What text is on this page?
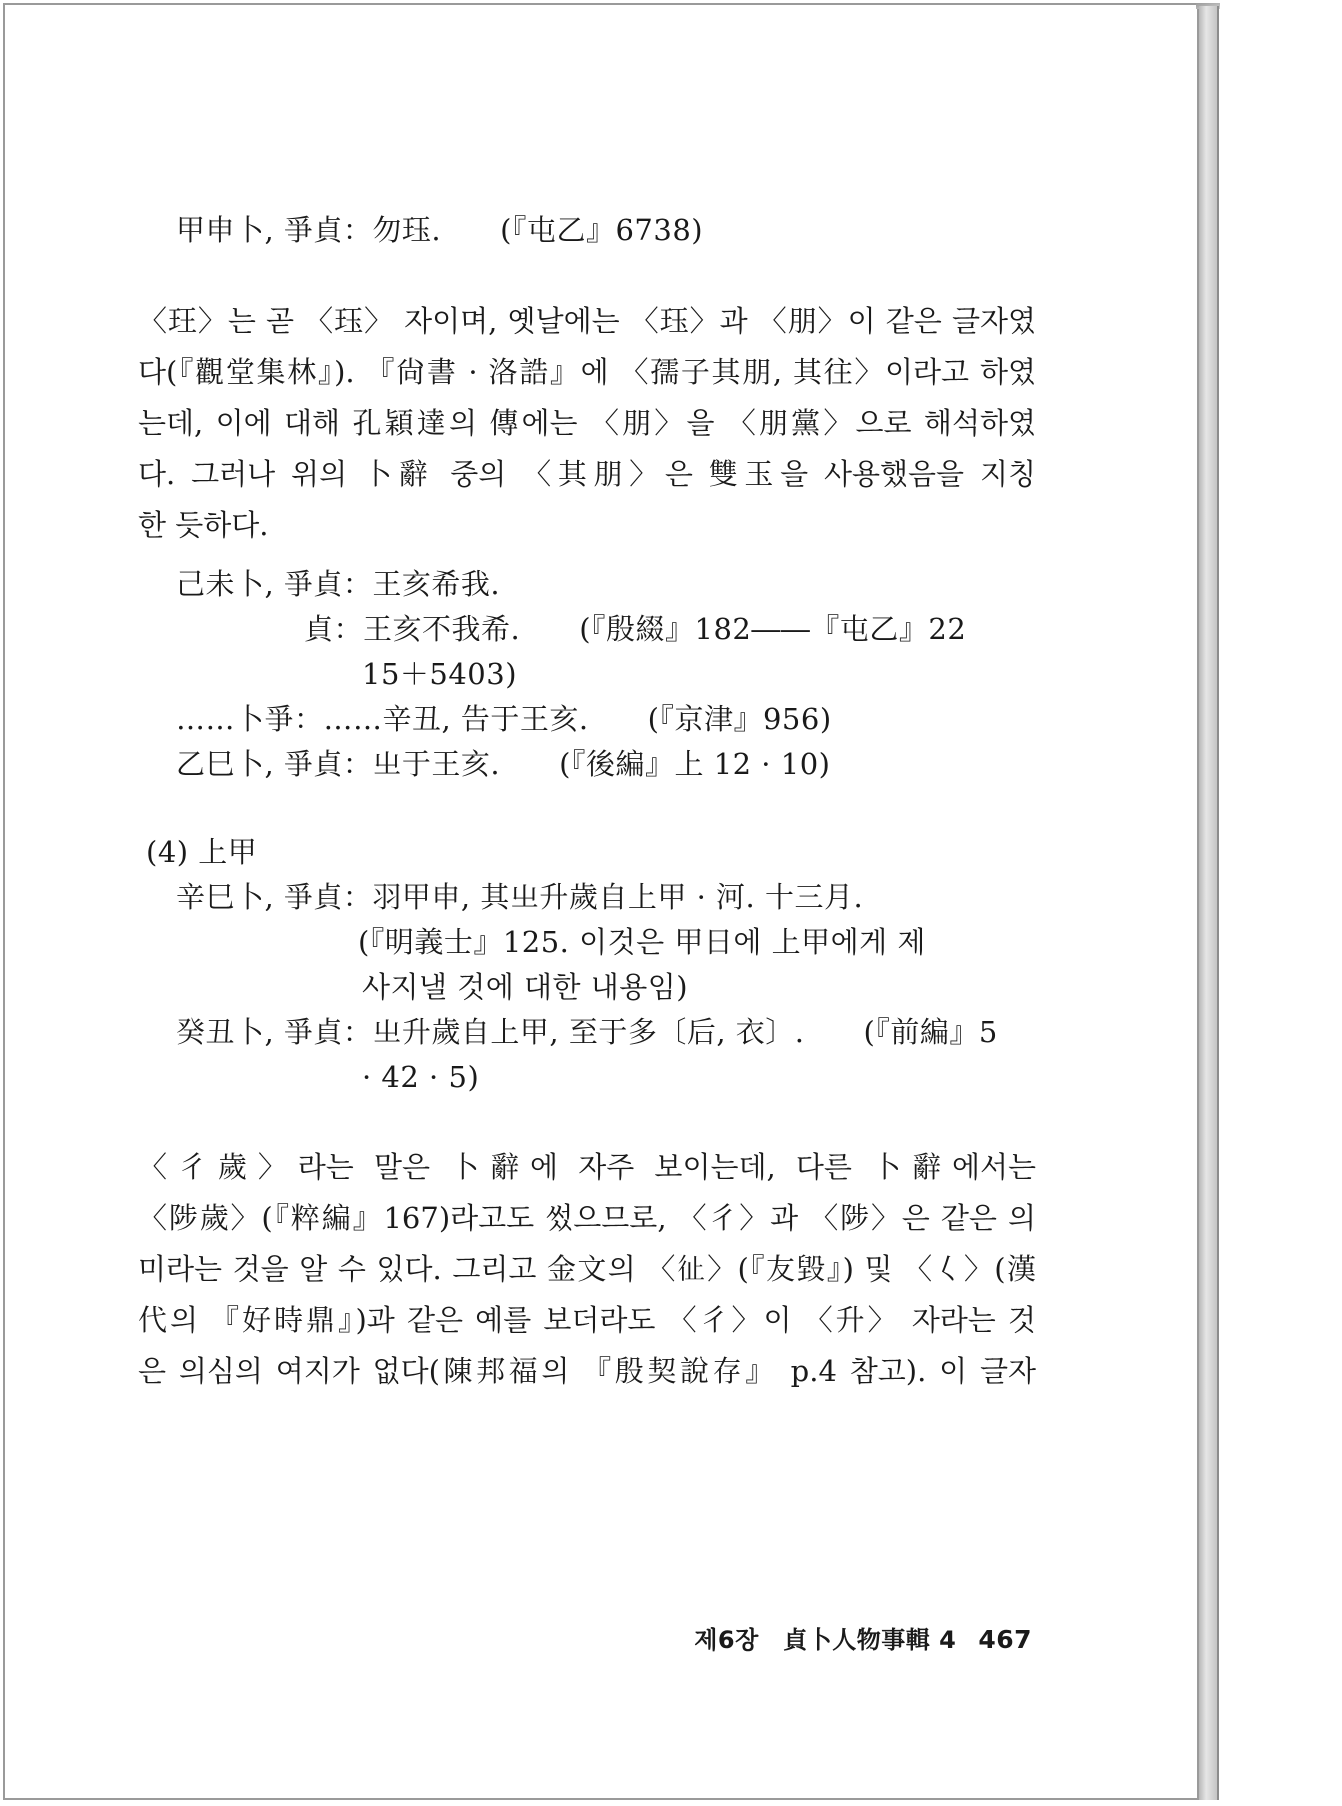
甲申卜, 爭貞：勿珏.　　(『屯乙』6738)
〈玨〉는 곧 〈珏〉 자이며, 옛날에는 〈珏〉과 〈朋〉이 같은 글자였
다(『觀堂集林』). 『尙書 · 洛誥』에 〈孺子其朋, 其往〉이라고 하였
는데, 이에 대해 孔穎達의 傳에는 〈朋〉을 〈朋黨〉으로 해석하였
다. 그러나 위의 卜辭 중의 〈其朋〉은 雙玉을 사용했음을 지칭
한 듯하다.
己未卜, 爭貞：王亥希我.
貞：王亥不我希.　　(『殷綴』182――『屯乙』22
15＋5403)
……卜爭：……辛丑, 告于王亥.　　(『京津』956)
乙巳卜, 爭貞：㞢于王亥.　　(『後編』上 12 · 10)
(4) 上甲
辛巳卜, 爭貞：羽甲申, 其㞢升歲自上甲 · 河. 十三月.
(『明義士』125. 이것은 甲日에 上甲에게 제
사지낼 것에 대한 내용임)
癸丑卜, 爭貞：㞢升歲自上甲, 至于多〔后, 衣〕.　　(『前編』5
· 42 · 5)
〈彳歲〉라는 말은 卜辭에 자주 보이는데, 다른 卜辭에서는
〈陟歲〉(『粹編』167)라고도 썼으므로, 〈彳〉과 〈陟〉은 같은 의
미라는 것을 알 수 있다. 그리고 金文의 〈𢓊〉(『友毀』) 및 〈𡿨〉(漢
代의 『好時鼎』)과 같은 예를 보더라도 〈彳〉이 〈升〉 자라는 것
은 의심의 여지가 없다(陳邦福의 『殷契說存』 p.4 참고). 이 글자
제6장　貞卜人物事輯 4 467
